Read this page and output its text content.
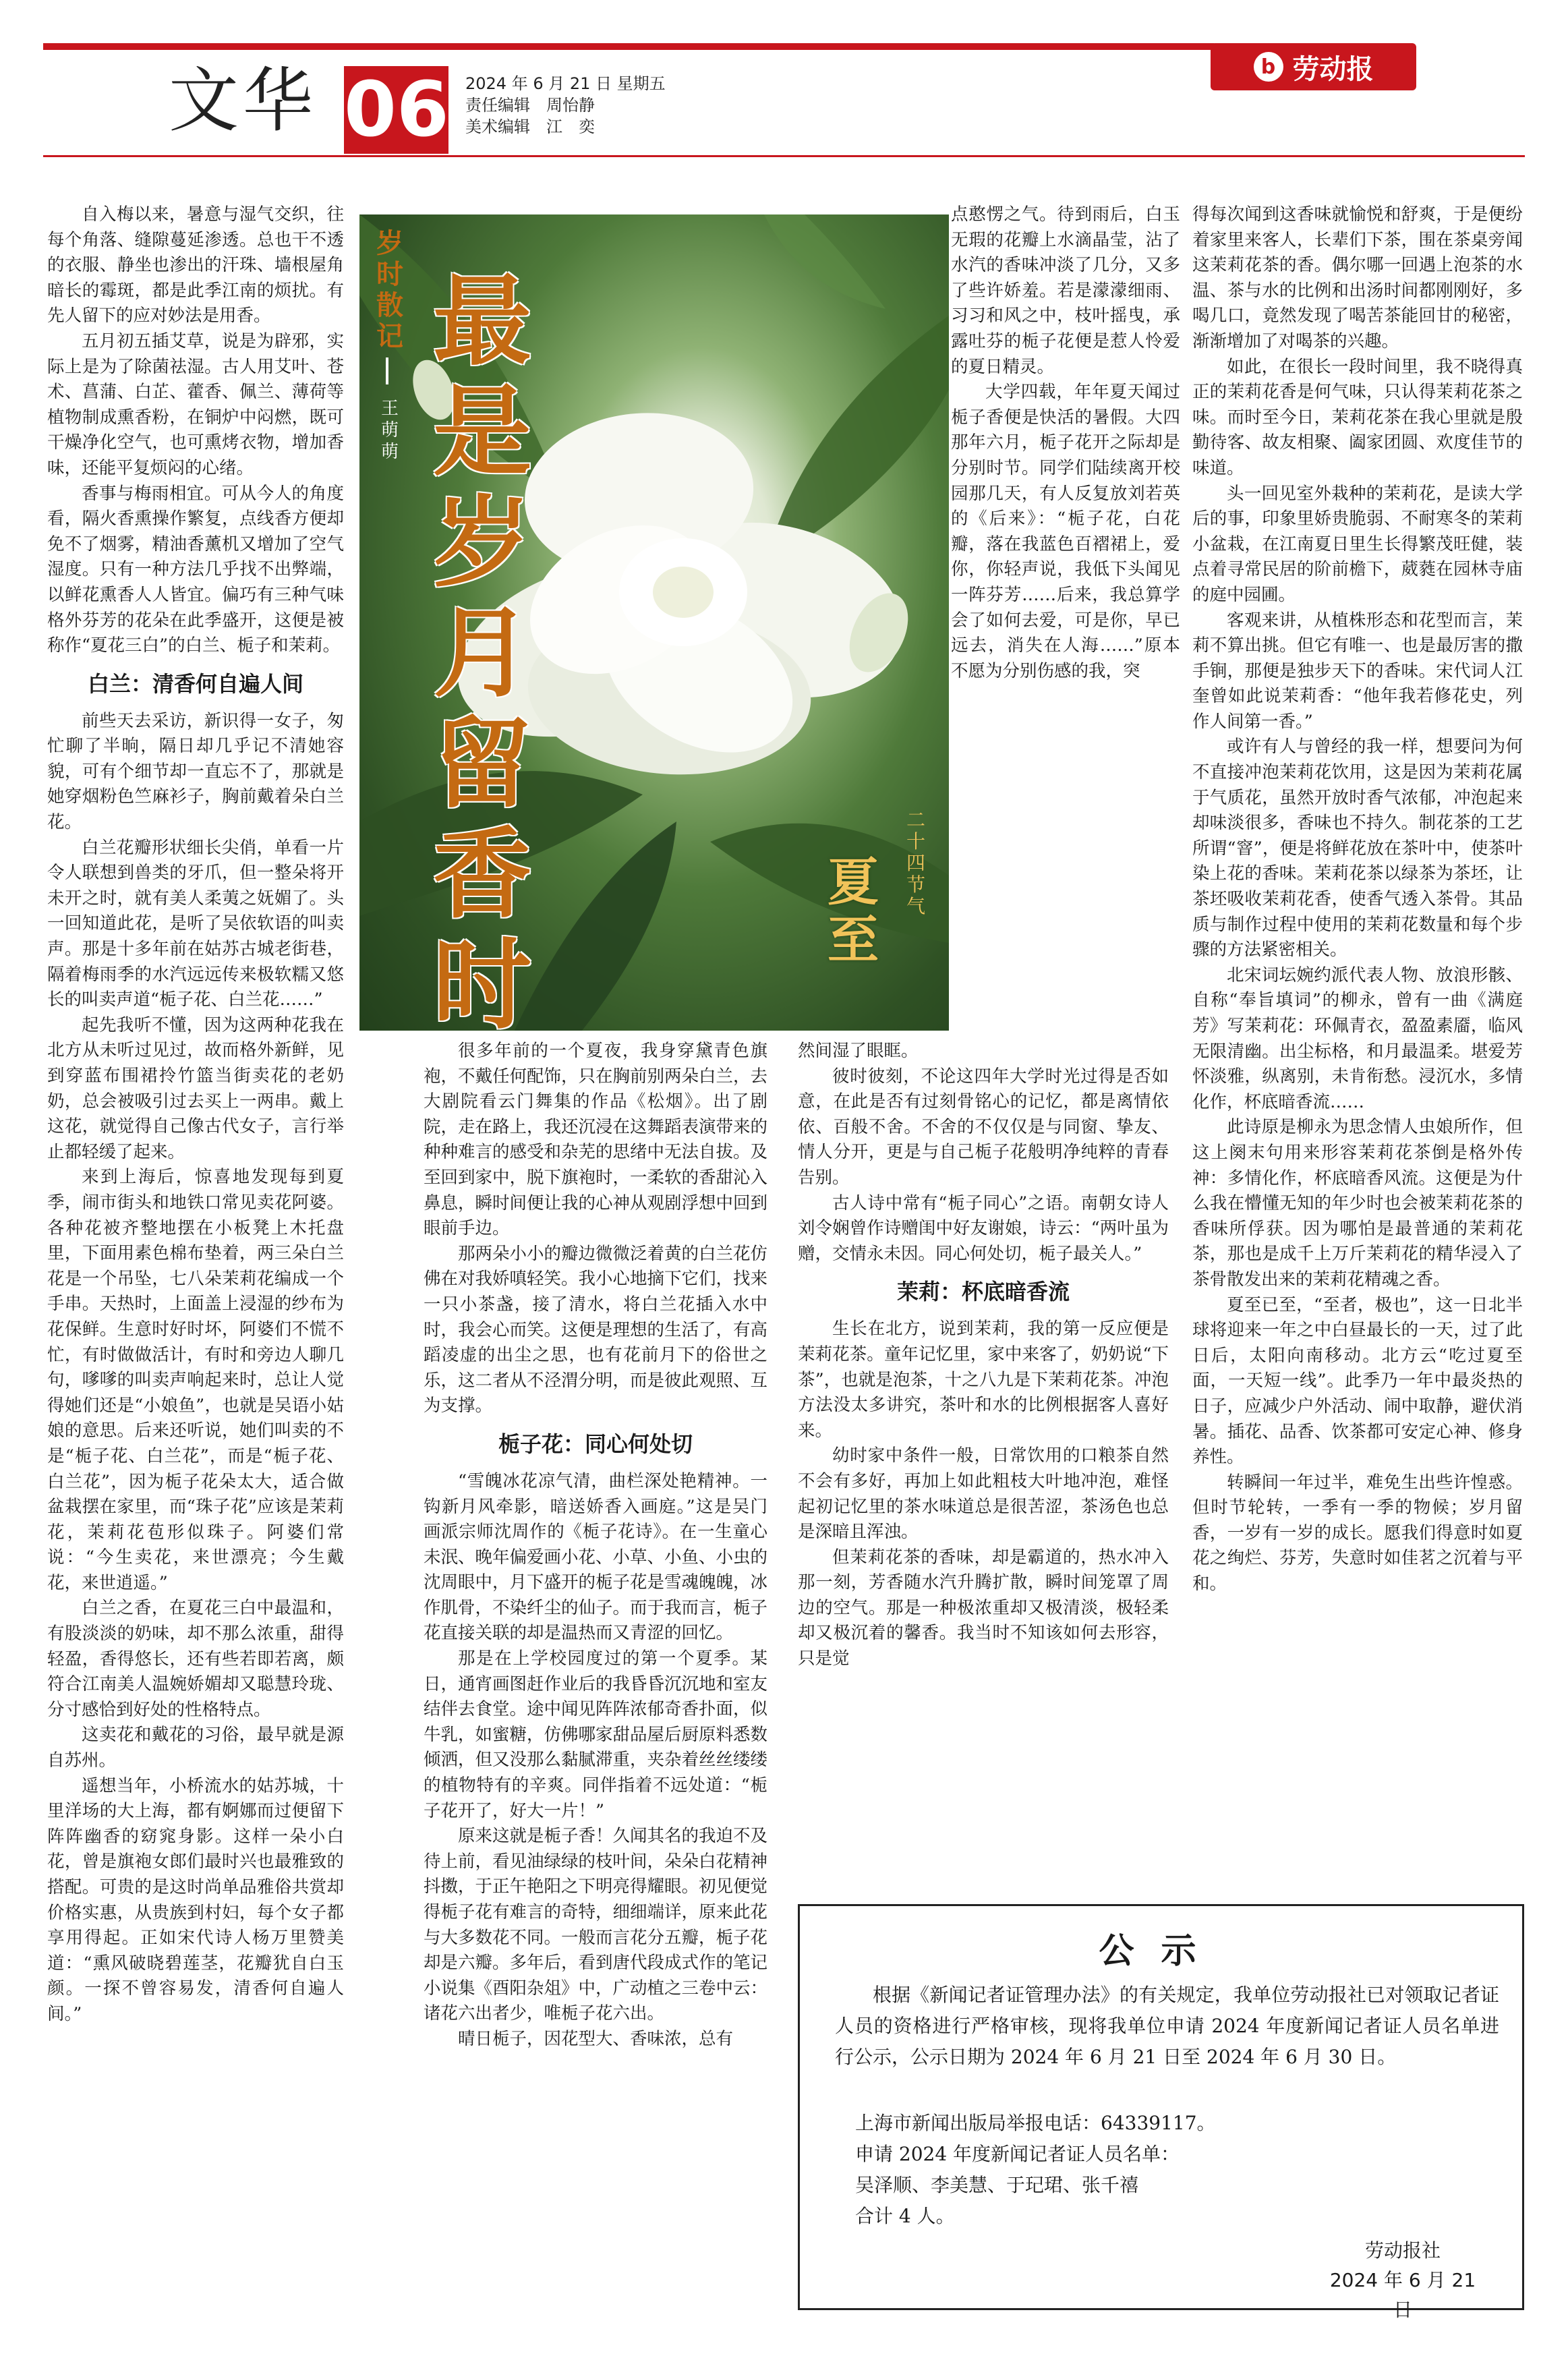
b 劳动报
文华 06 2024 年 6 月 21 日 星期五
责任编辑　周怡静
美术编辑　江　奕
岁时散记
王萌萌
最是岁月留香时
二十四节气
夏至

自入梅以来，暑意与湿气交织，往每个角落、缝隙蔓延渗透。总也干不透的衣服、静坐也渗出的汗珠、墙根屋角暗长的霉斑，都是此季江南的烦扰。有先人留下的应对妙法是用香。

五月初五插艾草，说是为辟邪，实际上是为了除菌祛湿。古人用艾叶、苍术、菖蒲、白芷、藿香、佩兰、薄荷等植物制成熏香粉，在铜炉中闷燃，既可干燥净化空气，也可熏烤衣物，增加香味，还能平复烦闷的心绪。

香事与梅雨相宜。可从今人的角度看，隔火香熏操作繁复，点线香方便却免不了烟雾，精油香薰机又增加了空气湿度。只有一种方法几乎找不出弊端，以鲜花熏香人人皆宜。偏巧有三种气味格外芬芳的花朵在此季盛开，这便是被称作“夏花三白”的白兰、栀子和茉莉。

白兰：清香何自遍人间

前些天去采访，新识得一女子，匆忙聊了半晌，隔日却几乎记不清她容貌，可有个细节却一直忘不了，那就是她穿烟粉色竺麻衫子，胸前戴着朵白兰花。

白兰花瓣形状细长尖俏，单看一片令人联想到兽类的牙爪，但一整朵将开未开之时，就有美人柔荑之妩媚了。头一回知道此花，是听了吴依软语的叫卖声。那是十多年前在姑苏古城老街巷，隔着梅雨季的水汽远远传来极软糯又悠长的叫卖声道“栀子花、白兰花……”

起先我听不懂，因为这两种花我在北方从未听过见过，故而格外新鲜，见到穿蓝布围裙拎竹篮当街卖花的老奶奶，总会被吸引过去买上一两串。戴上这花，就觉得自己像古代女子，言行举止都轻缓了起来。

来到上海后，惊喜地发现每到夏季，闹市街头和地铁口常见卖花阿婆。各种花被齐整地摆在小板凳上木托盘里，下面用素色棉布垫着，两三朵白兰花是一个吊坠，七八朵茉莉花编成一个手串。天热时，上面盖上浸湿的纱布为花保鲜。生意时好时坏，阿婆们不慌不忙，有时做做活计，有时和旁边人聊几句，嗲嗲的叫卖声响起来时，总让人觉得她们还是“小娘鱼”，也就是吴语小姑娘的意思。后来还听说，她们叫卖的不是“栀子花、白兰花”，而是“栀子花、白兰花”，因为栀子花朵太大，适合做盆栽摆在家里，而“珠子花”应该是茉莉花，茉莉花苞形似珠子。阿婆们常说：“今生卖花，来世漂亮；今生戴花，来世逍遥。”

白兰之香，在夏花三白中最温和，有股淡淡的奶味，却不那么浓重，甜得轻盈，香得悠长，还有些若即若离，颇符合江南美人温婉娇媚却又聪慧玲珑、分寸感恰到好处的性格特点。

这卖花和戴花的习俗，最早就是源自苏州。

遥想当年，小桥流水的姑苏城，十里洋场的大上海，都有婀娜而过便留下阵阵幽香的窈窕身影。这样一朵小白花，曾是旗袍女郎们最时兴也最雅致的搭配。可贵的是这时尚单品雅俗共赏却价格实惠，从贵族到村妇，每个女子都享用得起。正如宋代诗人杨万里赞美道：“熏风破晓碧莲茎，花瓣犹自白玉颜。一探不曾容易发，清香何自遍人间。”

很多年前的一个夏夜，我身穿黛青色旗袍，不戴任何配饰，只在胸前别两朵白兰，去大剧院看云门舞集的作品《松烟》。出了剧院，走在路上，我还沉浸在这舞蹈表演带来的种种难言的感受和杂芜的思绪中无法自拔。及至回到家中，脱下旗袍时，一柔软的香甜沁入鼻息，瞬时间便让我的心神从观剧浮想中回到眼前手边。

那两朵小小的瓣边微微泛着黄的白兰花仿佛在对我娇嗔轻笑。我小心地摘下它们，找来一只小茶盏，接了清水，将白兰花插入水中时，我会心而笑。这便是理想的生活了，有高蹈凌虚的出尘之思，也有花前月下的俗世之乐，这二者从不泾渭分明，而是彼此观照、互为支撑。

栀子花：同心何处切

“雪魄冰花凉气清，曲栏深处艳精神。一钩新月风牵影，暗送娇香入画庭。”这是吴门画派宗师沈周作的《栀子花诗》。在一生童心未泯、晚年偏爱画小花、小草、小鱼、小虫的沈周眼中，月下盛开的栀子花是雪魂魄魄，冰作肌骨，不染纤尘的仙子。而于我而言，栀子花直接关联的却是温热而又青涩的回忆。

那是在上学校园度过的第一个夏季。某日，通宵画图赶作业后的我昏昏沉沉地和室友结伴去食堂。途中闻见阵阵浓郁奇香扑面，似牛乳，如蜜糖，仿佛哪家甜品屋后厨原料悉数倾洒，但又没那么黏腻滞重，夹杂着丝丝缕缕的植物特有的辛爽。同伴指着不远处道：“栀子花开了，好大一片！”

原来这就是栀子香！久闻其名的我迫不及待上前，看见油绿绿的枝叶间，朵朵白花精神抖擞，于正午艳阳之下明亮得耀眼。初见便觉得栀子花有难言的奇特，细细端详，原来此花与大多数花不同。一般而言花分五瓣，栀子花却是六瓣。多年后，看到唐代段成式作的笔记小说集《酉阳杂俎》中，广动植之三卷中云：诸花六出者少，唯栀子花六出。

晴日栀子，因花型大、香味浓，总有

点憨愣之气。待到雨后，白玉无瑕的花瓣上水滴晶莹，沾了水汽的香味冲淡了几分，又多了些许娇羞。若是濛濛细雨、习习和风之中，枝叶摇曳，承露吐芬的栀子花便是惹人怜爱的夏日精灵。

大学四载，年年夏天闻过栀子香便是快活的暑假。大四那年六月，栀子花开之际却是分别时节。同学们陆续离开校园那几天，有人反复放刘若英的《后来》：“栀子花，白花瓣，落在我蓝色百褶裙上，爱你，你轻声说，我低下头闻见一阵芬芳……后来，我总算学会了如何去爱，可是你，早已远去，消失在人海……”原本不愿为分别伤感的我，突

然间湿了眼眶。

彼时彼刻，不论这四年大学时光过得是否如意，在此是否有过刻骨铭心的记忆，都是离情依依、百般不舍。不舍的不仅仅是与同窗、挚友、情人分开，更是与自己栀子花般明净纯粹的青春告别。

古人诗中常有“栀子同心”之语。南朝女诗人刘令娴曾作诗赠闺中好友谢娘，诗云：“两叶虽为赠，交情永未因。同心何处切，栀子最关人。”

茉莉：杯底暗香流

生长在北方，说到茉莉，我的第一反应便是茉莉花茶。童年记忆里，家中来客了，奶奶说“下茶”，也就是泡茶，十之八九是下茉莉花茶。冲泡方法没太多讲究，茶叶和水的比例根据客人喜好来。

幼时家中条件一般，日常饮用的口粮茶自然不会有多好，再加上如此粗枝大叶地冲泡，难怪起初记忆里的茶水味道总是很苦涩，茶汤色也总是深暗且浑浊。

但茉莉花茶的香味，却是霸道的，热水冲入那一刻，芳香随水汽升腾扩散，瞬时间笼罩了周边的空气。那是一种极浓重却又极清淡，极轻柔却又极沉着的馨香。我当时不知该如何去形容，只是觉

得每次闻到这香味就愉悦和舒爽，于是便纷着家里来客人，长辈们下茶，围在茶桌旁闻这茉莉花茶的香。偶尔哪一回遇上泡茶的水温、茶与水的比例和出汤时间都刚刚好，多喝几口，竟然发现了喝苦茶能回甘的秘密，渐渐增加了对喝茶的兴趣。

如此，在很长一段时间里，我不晓得真正的茉莉花香是何气味，只认得茉莉花茶之味。而时至今日，茉莉花茶在我心里就是殷勤待客、故友相聚、阖家团圆、欢度佳节的味道。

头一回见室外栽种的茉莉花，是读大学后的事，印象里娇贵脆弱、不耐寒冬的茉莉小盆栽，在江南夏日里生长得繁茂旺健，装点着寻常民居的阶前檐下，葳蕤在园林寺庙的庭中园圃。

客观来讲，从植株形态和花型而言，茉莉不算出挑。但它有唯一、也是最厉害的撒手锏，那便是独步天下的香味。宋代词人江奎曾如此说茉莉香：“他年我若修花史，列作人间第一香。”

或许有人与曾经的我一样，想要问为何不直接冲泡茉莉花饮用，这是因为茉莉花属于气质花，虽然开放时香气浓郁，冲泡起来却味淡很多，香味也不持久。制花茶的工艺所谓“窨”，便是将鲜花放在茶叶中，使茶叶染上花的香味。茉莉花茶以绿茶为茶坯，让茶坯吸收茉莉花香，使香气透入茶骨。其品质与制作过程中使用的茉莉花数量和每个步骤的方法紧密相关。

北宋词坛婉约派代表人物、放浪形骸、自称“奉旨填词”的柳永，曾有一曲《满庭芳》写茉莉花：环佩青衣，盈盈素靥，临风无限清幽。出尘标格，和月最温柔。堪爱芳怀淡雅，纵离别，未肯衔愁。浸沉水，多情化作，杯底暗香流……

此诗原是柳永为思念情人虫娘所作，但这上阕末句用来形容茉莉花茶倒是格外传神：多情化作，杯底暗香风流。这便是为什么我在懵懂无知的年少时也会被茉莉花茶的香味所俘获。因为哪怕是最普通的茉莉花茶，那也是成千上万斤茉莉花的精华浸入了茶骨散发出来的茉莉花精魂之香。

夏至已至，“至者，极也”，这一日北半球将迎来一年之中白昼最长的一天，过了此日后，太阳向南移动。北方云“吃过夏至面，一天短一线”。此季乃一年中最炎热的日子，应减少户外活动、闹中取静，避伏消暑。插花、品香、饮茶都可安定心神、修身养性。

转瞬间一年过半，难免生出些许惶惑。但时节轮转，一季有一季的物候；岁月留香，一岁有一岁的成长。愿我们得意时如夏花之绚烂、芬芳，失意时如佳茗之沉着与平和。

公示
根据《新闻记者证管理办法》的有关规定，我单位劳动报社已对领取记者证人员的资格进行严格审核，现将我单位申请 2024 年度新闻记者证人员名单进行公示，公示日期为 2024 年 6 月 21 日至 2024 年 6 月 30 日。
上海市新闻出版局举报电话：64339117。
申请 2024 年度新闻记者证人员名单：
吴泽顺、李美慧、于玘珺、张千禧
合计 4 人。
劳动报社
2024 年 6 月 21 日
